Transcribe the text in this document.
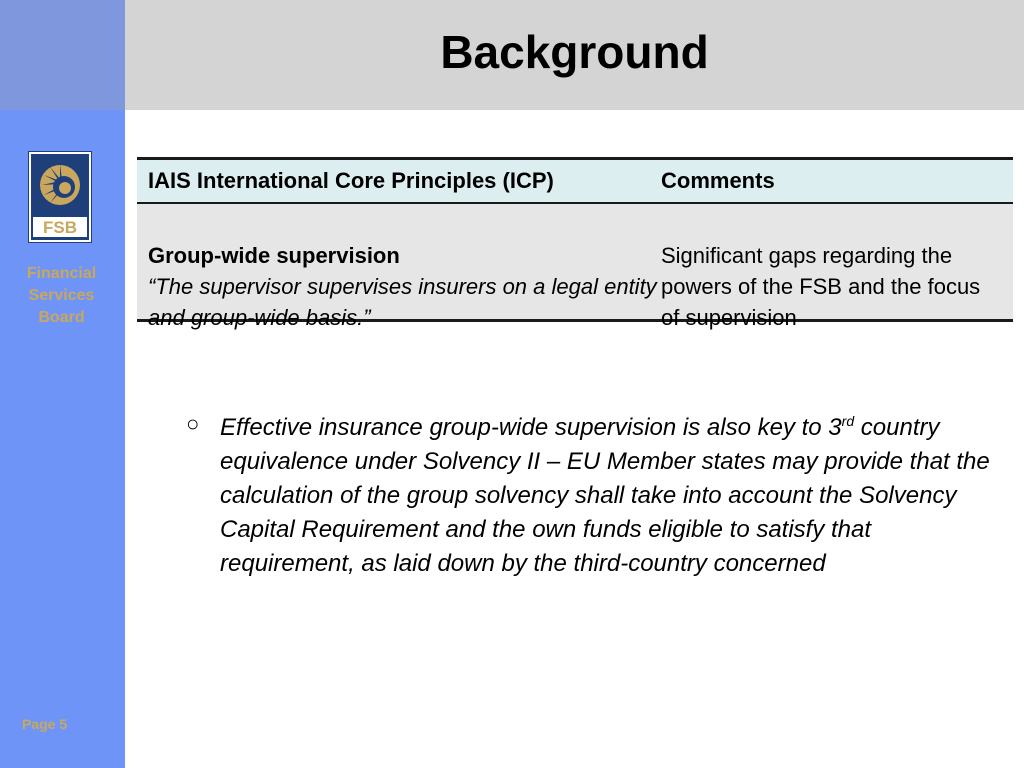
Background
FSB
Financial
Services
Board
Page 5
IAIS International Core Principles (ICP)	Comments
Group-wide supervision
“The supervisor supervises insurers on a legal entity and group-wide basis.”
Significant gaps regarding the powers of the FSB and the focus of supervision
○ Effective insurance group-wide supervision is also key to 3rd country equivalence under Solvency II – EU Member states may provide that the calculation of the group solvency shall take into account the Solvency Capital Requirement and the own funds eligible to satisfy that requirement, as laid down by the third-country concerned
